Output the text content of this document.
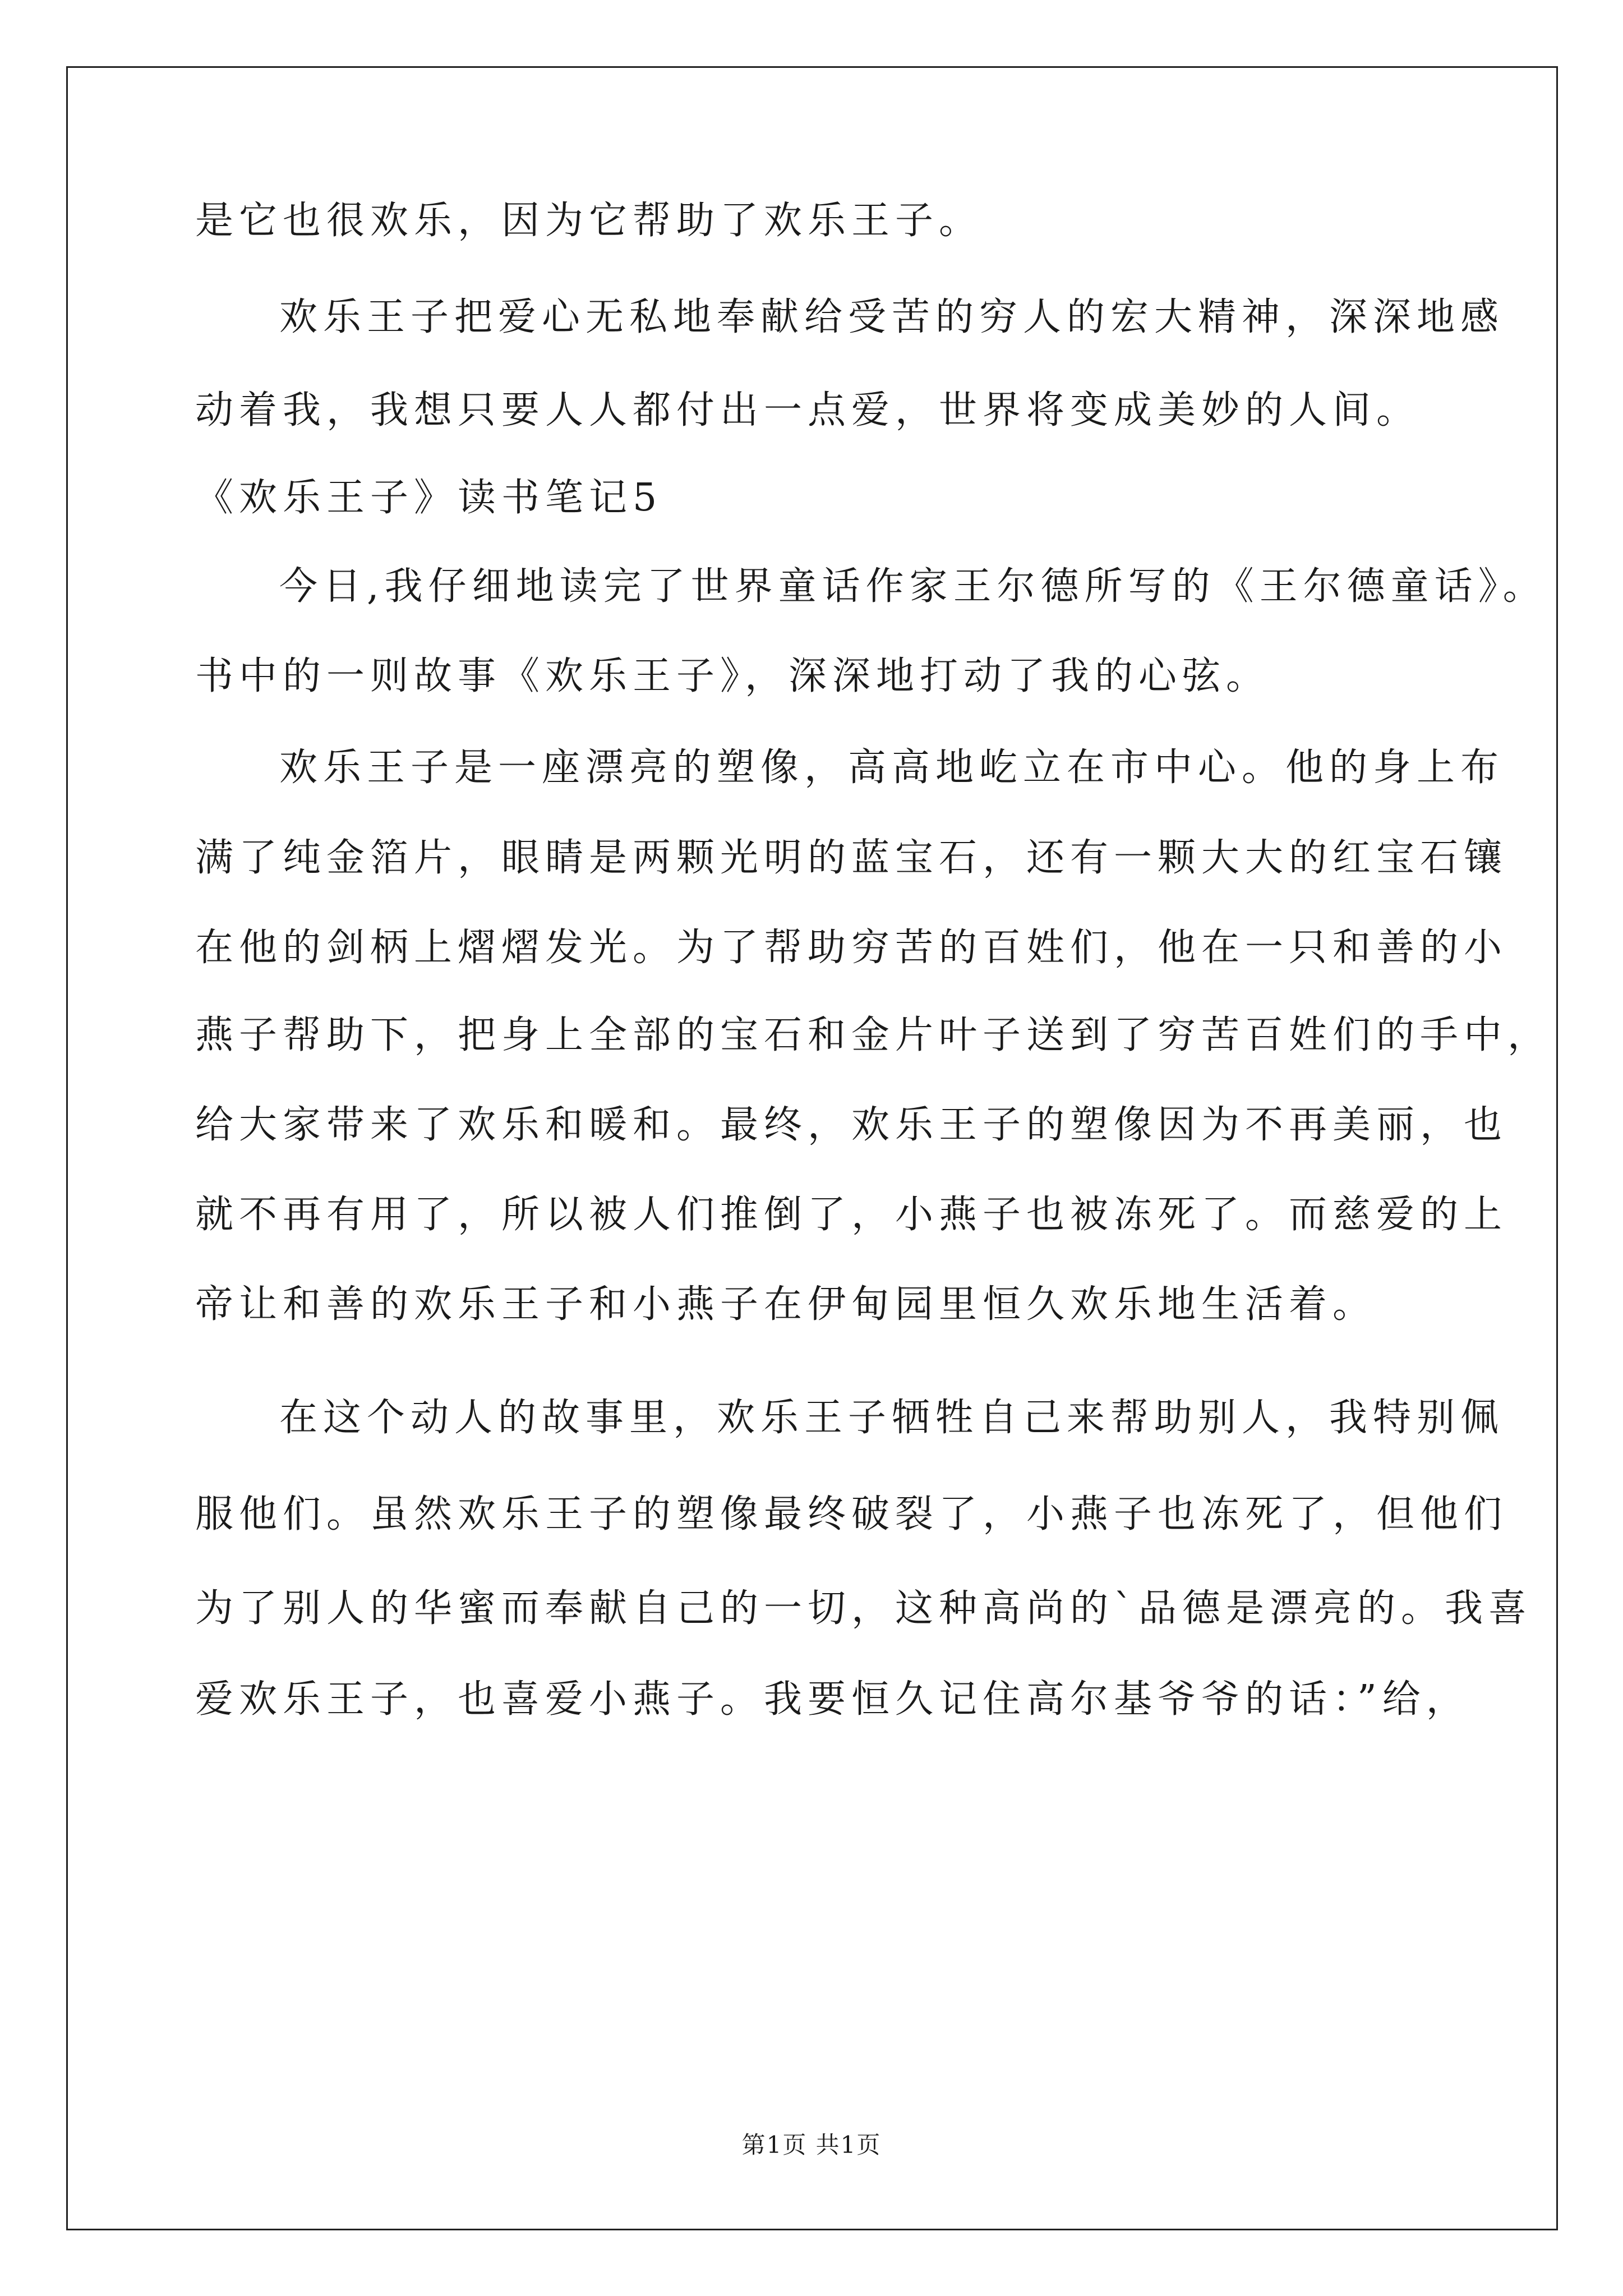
是它也很欢乐，因为它帮助了欢乐王子。
欢乐王子把爱心无私地奉献给受苦的穷人的宏大精神，深深地感
动着我，我想只要人人都付出一点爱，世界将变成美妙的人间。
《欢乐王子》读书笔记5
今日,我仔细地读完了世界童话作家王尔德所写的《王尔德童话》。
书中的一则故事《欢乐王子》，深深地打动了我的心弦。
欢乐王子是一座漂亮的塑像，高高地屹立在市中心。他的身上布
满了纯金箔片，眼睛是两颗光明的蓝宝石，还有一颗大大的红宝石镶
在他的剑柄上熠熠发光。为了帮助穷苦的百姓们，他在一只和善的小
燕子帮助下，把身上全部的宝石和金片叶子送到了穷苦百姓们的手中，
给大家带来了欢乐和暖和。最终，欢乐王子的塑像因为不再美丽，也
就不再有用了，所以被人们推倒了，小燕子也被冻死了。而慈爱的上
帝让和善的欢乐王子和小燕子在伊甸园里恒久欢乐地生活着。
在这个动人的故事里，欢乐王子牺牲自己来帮助别人，我特别佩
服他们。虽然欢乐王子的塑像最终破裂了，小燕子也冻死了，但他们
为了别人的华蜜而奉献自己的一切，这种高尚的`品德是漂亮的。我喜
爱欢乐王子，也喜爱小燕子。我要恒久记住高尔基爷爷的话：”给，
第1页 共1页
